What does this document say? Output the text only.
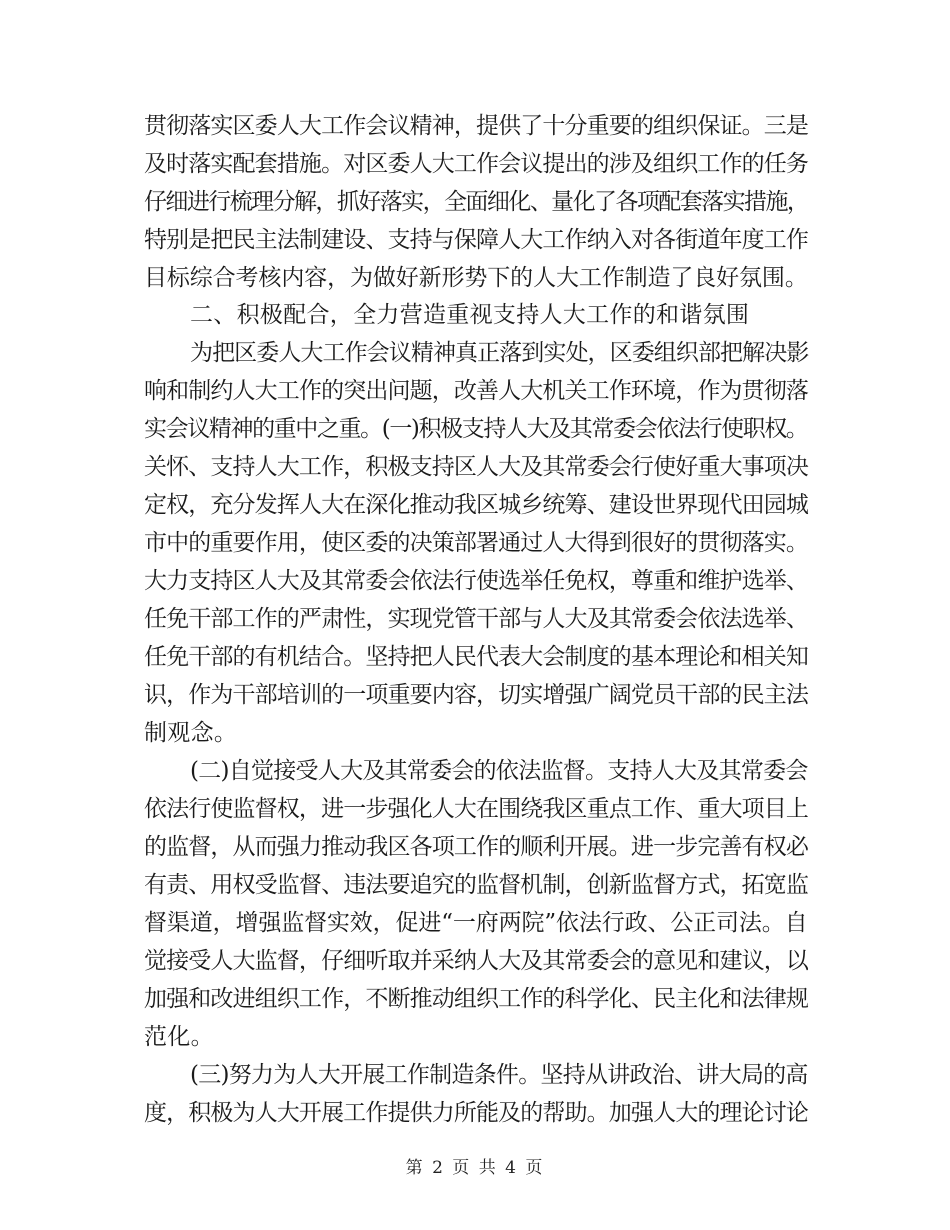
贯彻落实区委人大工作会议精神，提供了十分重要的组织保证。三是
及时落实配套措施。对区委人大工作会议提出的涉及组织工作的任务
仔细进行梳理分解，抓好落实，全面细化、量化了各项配套落实措施，
特别是把民主法制建设、支持与保障人大工作纳入对各街道年度工作
目标综合考核内容，为做好新形势下的人大工作制造了良好氛围。
二、积极配合，全力营造重视支持人大工作的和谐氛围
为把区委人大工作会议精神真正落到实处，区委组织部把解决影
响和制约人大工作的突出问题，改善人大机关工作环境，作为贯彻落
实会议精神的重中之重。(一)积极支持人大及其常委会依法行使职权。
关怀、支持人大工作，积极支持区人大及其常委会行使好重大事项决
定权，充分发挥人大在深化推动我区城乡统筹、建设世界现代田园城
市中的重要作用，使区委的决策部署通过人大得到很好的贯彻落实。
大力支持区人大及其常委会依法行使选举任免权，尊重和维护选举、
任免干部工作的严肃性，实现党管干部与人大及其常委会依法选举、
任免干部的有机结合。坚持把人民代表大会制度的基本理论和相关知
识，作为干部培训的一项重要内容，切实增强广阔党员干部的民主法
制观念。
(二)自觉接受人大及其常委会的依法监督。支持人大及其常委会
依法行使监督权，进一步强化人大在围绕我区重点工作、重大项目上
的监督，从而强力推动我区各项工作的顺利开展。进一步完善有权必
有责、用权受监督、违法要追究的监督机制，创新监督方式，拓宽监
督渠道，增强监督实效，促进“一府两院”依法行政、公正司法。自
觉接受人大监督，仔细听取并采纳人大及其常委会的意见和建议，以
加强和改进组织工作，不断推动组织工作的科学化、民主化和法律规
范化。
(三)努力为人大开展工作制造条件。坚持从讲政治、讲大局的高
度，积极为人大开展工作提供力所能及的帮助。加强人大的理论讨论
第 2 页 共 4 页
